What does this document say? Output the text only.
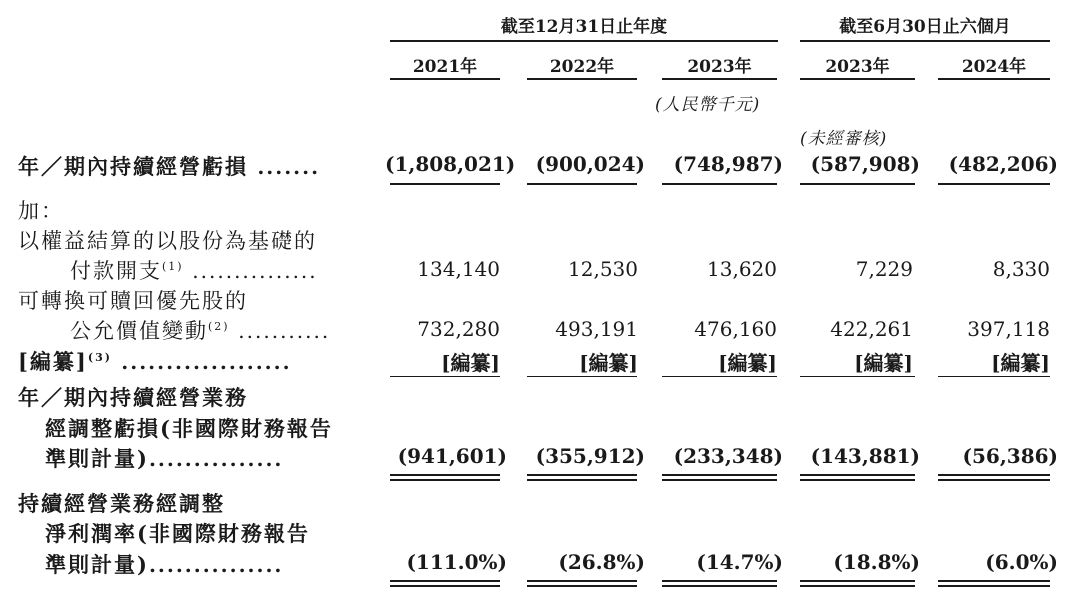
截至12月31日止年度	截至6月30日止六個月
2021年	2022年	2023年	2023年	2024年
(人民幣千元)
(未經審核)
年／期內持續經營虧損 .......	(1,808,021)	(900,024)	(748,987)	(587,908)	(482,206)
加：
以權益結算的以股份為基礎的
付款開支$^{(1)}$ ...............	134,140	12,530	13,620	7,229	8,330
可轉換可贖回優先股的
公允價值變動$^{(2)}$ ...........	732,280	493,191	476,160	422,261	397,118
[編纂]$^{(3)}$ ...................	[編纂]	[編纂]	[編纂]	[編纂]	[編纂]
年／期內持續經營業務
經調整虧損(非國際財務報告
準則計量)...............	(941,601)	(355,912)	(233,348)	(143,881)	(56,386)
持續經營業務經調整
淨利潤率(非國際財務報告
準則計量)...............	(111.0%)	(26.8%)	(14.7%)	(18.8%)	(6.0%)
